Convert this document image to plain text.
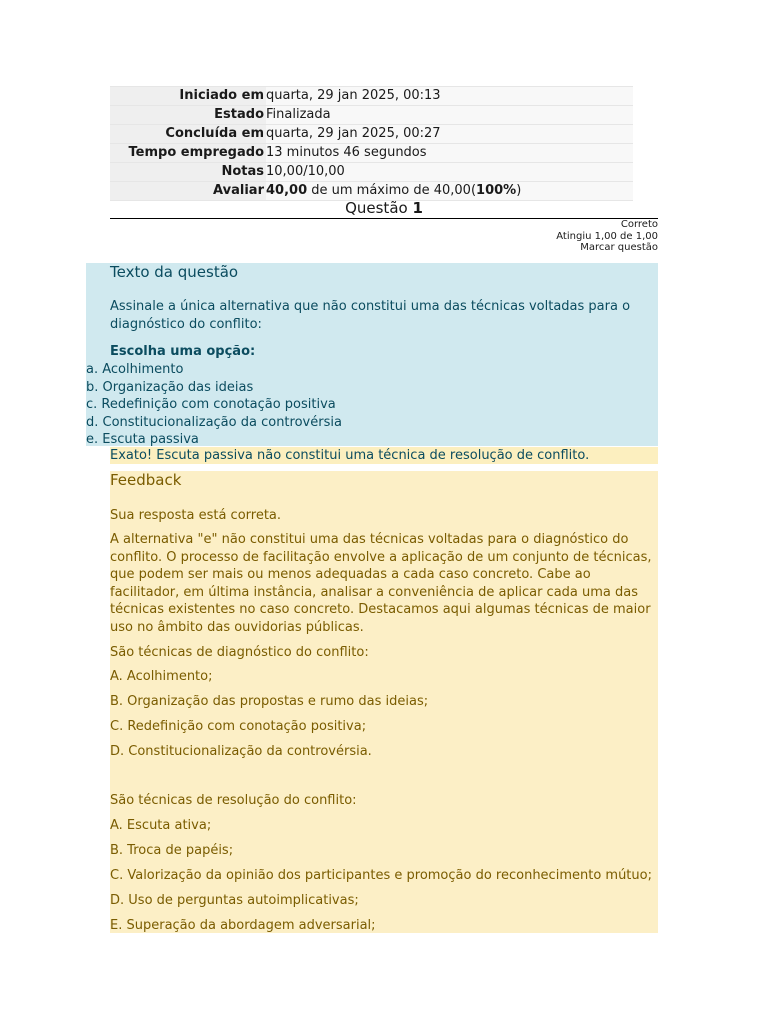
Iniciado em	quarta, 29 jan 2025, 00:13
Estado	Finalizada
Concluída em	quarta, 29 jan 2025, 00:27
Tempo empregado	13 minutos 46 segundos
Notas	10,00/10,00
Avaliar	40,00 de um máximo de 40,00(100%)
Questão 1
Correto
Atingiu 1,00 de 1,00
Marcar questão
Texto da questão
Assinale a única alternativa que não constitui uma das técnicas voltadas para o diagnóstico do conflito:
Escolha uma opção:
a. Acolhimento
b. Organização das ideias
c. Redefinição com conotação positiva
d. Constitucionalização da controvérsia
e. Escuta passiva
Exato! Escuta passiva não constitui uma técnica de resolução de conflito.
Feedback
Sua resposta está correta.
A alternativa "e" não constitui uma das técnicas voltadas para o diagnóstico do conflito. O processo de facilitação envolve a aplicação de um conjunto de técnicas, que podem ser mais ou menos adequadas a cada caso concreto. Cabe ao facilitador, em última instância, analisar a conveniência de aplicar cada uma das técnicas existentes no caso concreto. Destacamos aqui algumas técnicas de maior uso no âmbito das ouvidorias públicas.
São técnicas de diagnóstico do conflito:
A. Acolhimento;
B. Organização das propostas e rumo das ideias;
C. Redefinição com conotação positiva;
D. Constitucionalização da controvérsia.
São técnicas de resolução do conflito:
A. Escuta ativa;
B. Troca de papéis;
C. Valorização da opinião dos participantes e promoção do reconhecimento mútuo;
D. Uso de perguntas autoimplicativas;
E. Superação da abordagem adversarial;
